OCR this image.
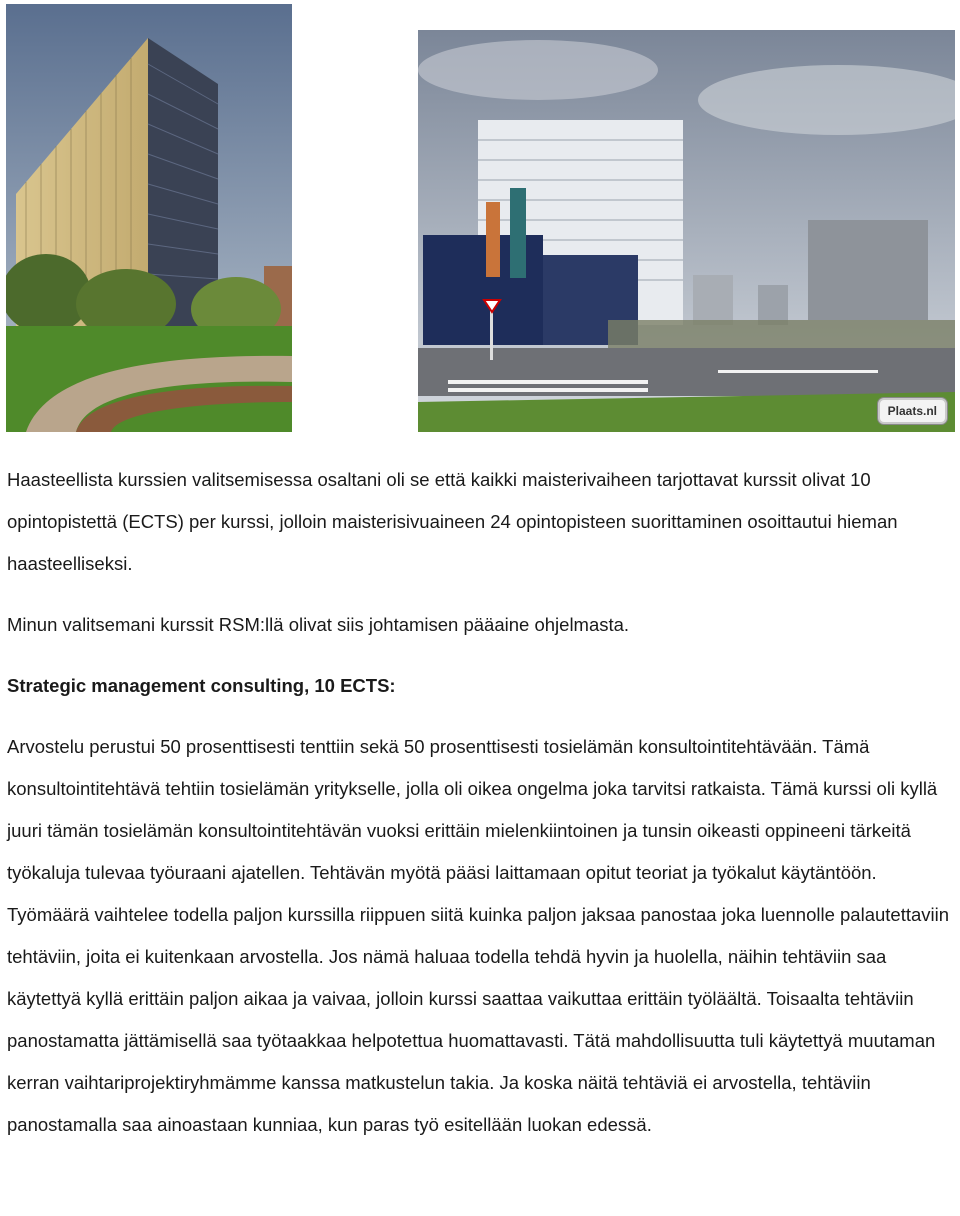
Plaats.nl

Haasteellista kurssien valitsemisessa osaltani oli se että kaikki maisterivaiheen tarjottavat kurssit olivat 10 opintopistettä (ECTS) per kurssi, jolloin maisterisivuaineen 24 opintopisteen suorittaminen osoittautui hieman haasteelliseksi.

Minun valitsemani kurssit RSM:llä olivat siis johtamisen pääaine ohjelmasta.

Strategic management consulting, 10 ECTS:

Arvostelu perustui 50 prosenttisesti tenttiin sekä 50 prosenttisesti tosielämän konsultointitehtävään. Tämä konsultointitehtävä tehtiin tosielämän yritykselle, jolla oli oikea ongelma joka tarvitsi ratkaista. Tämä kurssi oli kyllä juuri tämän tosielämän konsultointitehtävän vuoksi erittäin mielenkiintoinen ja tunsin oikeasti oppineeni tärkeitä työkaluja tulevaa työuraani ajatellen. Tehtävän myötä pääsi laittamaan opitut teoriat ja työkalut käytäntöön. Työmäärä vaihtelee todella paljon kurssilla riippuen siitä kuinka paljon jaksaa panostaa joka luennolle palautettaviin tehtäviin, joita ei kuitenkaan arvostella. Jos nämä haluaa todella tehdä hyvin ja huolella, näihin tehtäviin saa käytettyä kyllä erittäin paljon aikaa ja vaivaa, jolloin kurssi saattaa vaikuttaa erittäin työläältä. Toisaalta tehtäviin panostamatta jättämisellä saa työtaakkaa helpotettua huomattavasti. Tätä mahdollisuutta tuli käytettyä muutaman kerran vaihtariprojektiryhmämme kanssa matkustelun takia. Ja koska näitä tehtäviä ei arvostella, tehtäviin panostamalla saa ainoastaan kunniaa, kun paras työ esitellään luokan edessä.
